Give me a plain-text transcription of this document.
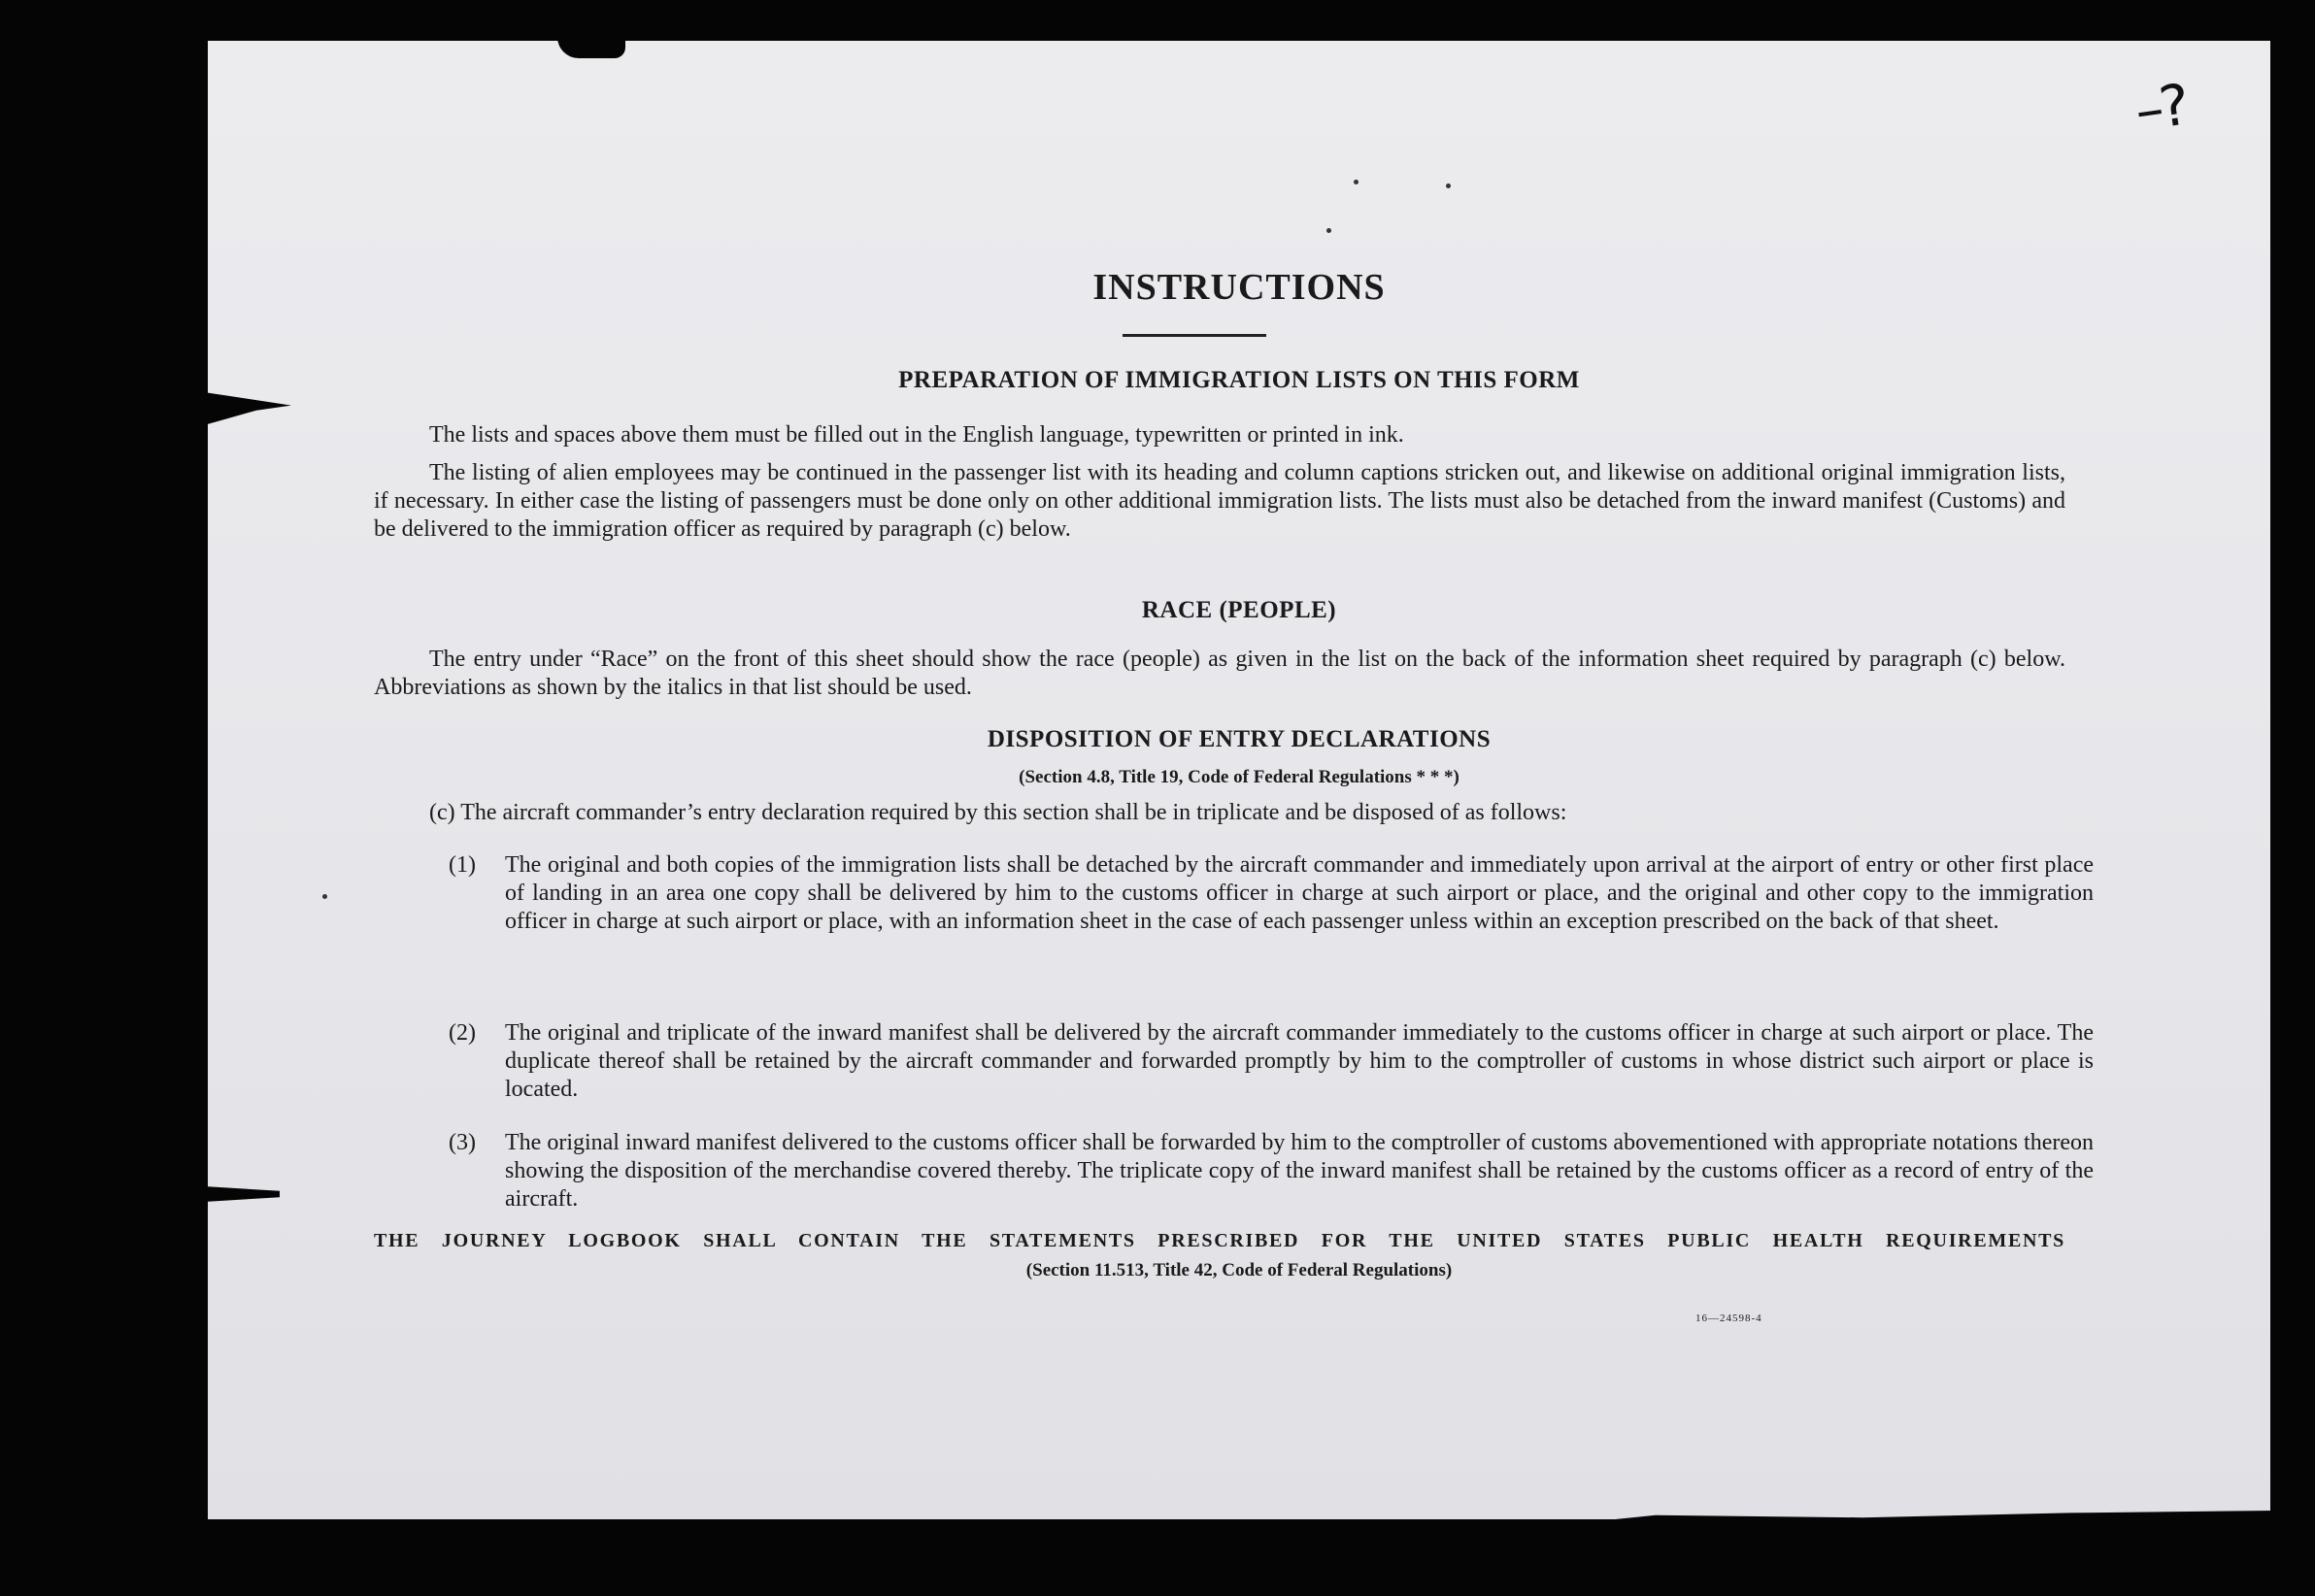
–?
INSTRUCTIONS
PREPARATION OF IMMIGRATION LISTS ON THIS FORM
The lists and spaces above them must be filled out in the English language, typewritten or printed in ink.
The listing of alien employees may be continued in the passenger list with its heading and column captions stricken out, and likewise on additional original immigration lists, if necessary. In either case the listing of passengers must be done only on other additional immigration lists. The lists must also be detached from the inward manifest (Customs) and be delivered to the immigration officer as required by paragraph (c) below.
RACE (PEOPLE)
The entry under “Race” on the front of this sheet should show the race (people) as given in the list on the back of the information sheet required by paragraph (c) below. Abbreviations as shown by the italics in that list should be used.
DISPOSITION OF ENTRY DECLARATIONS
(Section 4.8, Title 19, Code of Federal Regulations * * *)
(c) The aircraft commander’s entry declaration required by this section shall be in triplicate and be disposed of as follows:
(1) The original and both copies of the immigration lists shall be detached by the aircraft commander and immediately upon arrival at the airport of entry or other first place of landing in an area one copy shall be delivered by him to the customs officer in charge at such airport or place, and the original and other copy to the immigration officer in charge at such airport or place, with an information sheet in the case of each passenger unless within an exception prescribed on the back of that sheet.
(2) The original and triplicate of the inward manifest shall be delivered by the aircraft commander immediately to the customs officer in charge at such airport or place. The duplicate thereof shall be retained by the aircraft commander and forwarded promptly by him to the comptroller of customs in whose district such airport or place is located.
(3) The original inward manifest delivered to the customs officer shall be forwarded by him to the comptroller of customs abovementioned with appropriate notations thereon showing the disposition of the merchandise covered thereby. The triplicate copy of the inward manifest shall be retained by the customs officer as a record of entry of the aircraft.
THE JOURNEY LOGBOOK SHALL CONTAIN THE STATEMENTS PRESCRIBED FOR THE UNITED STATES PUBLIC HEALTH REQUIREMENTS
(Section 11.513, Title 42, Code of Federal Regulations)
16—24598-4
